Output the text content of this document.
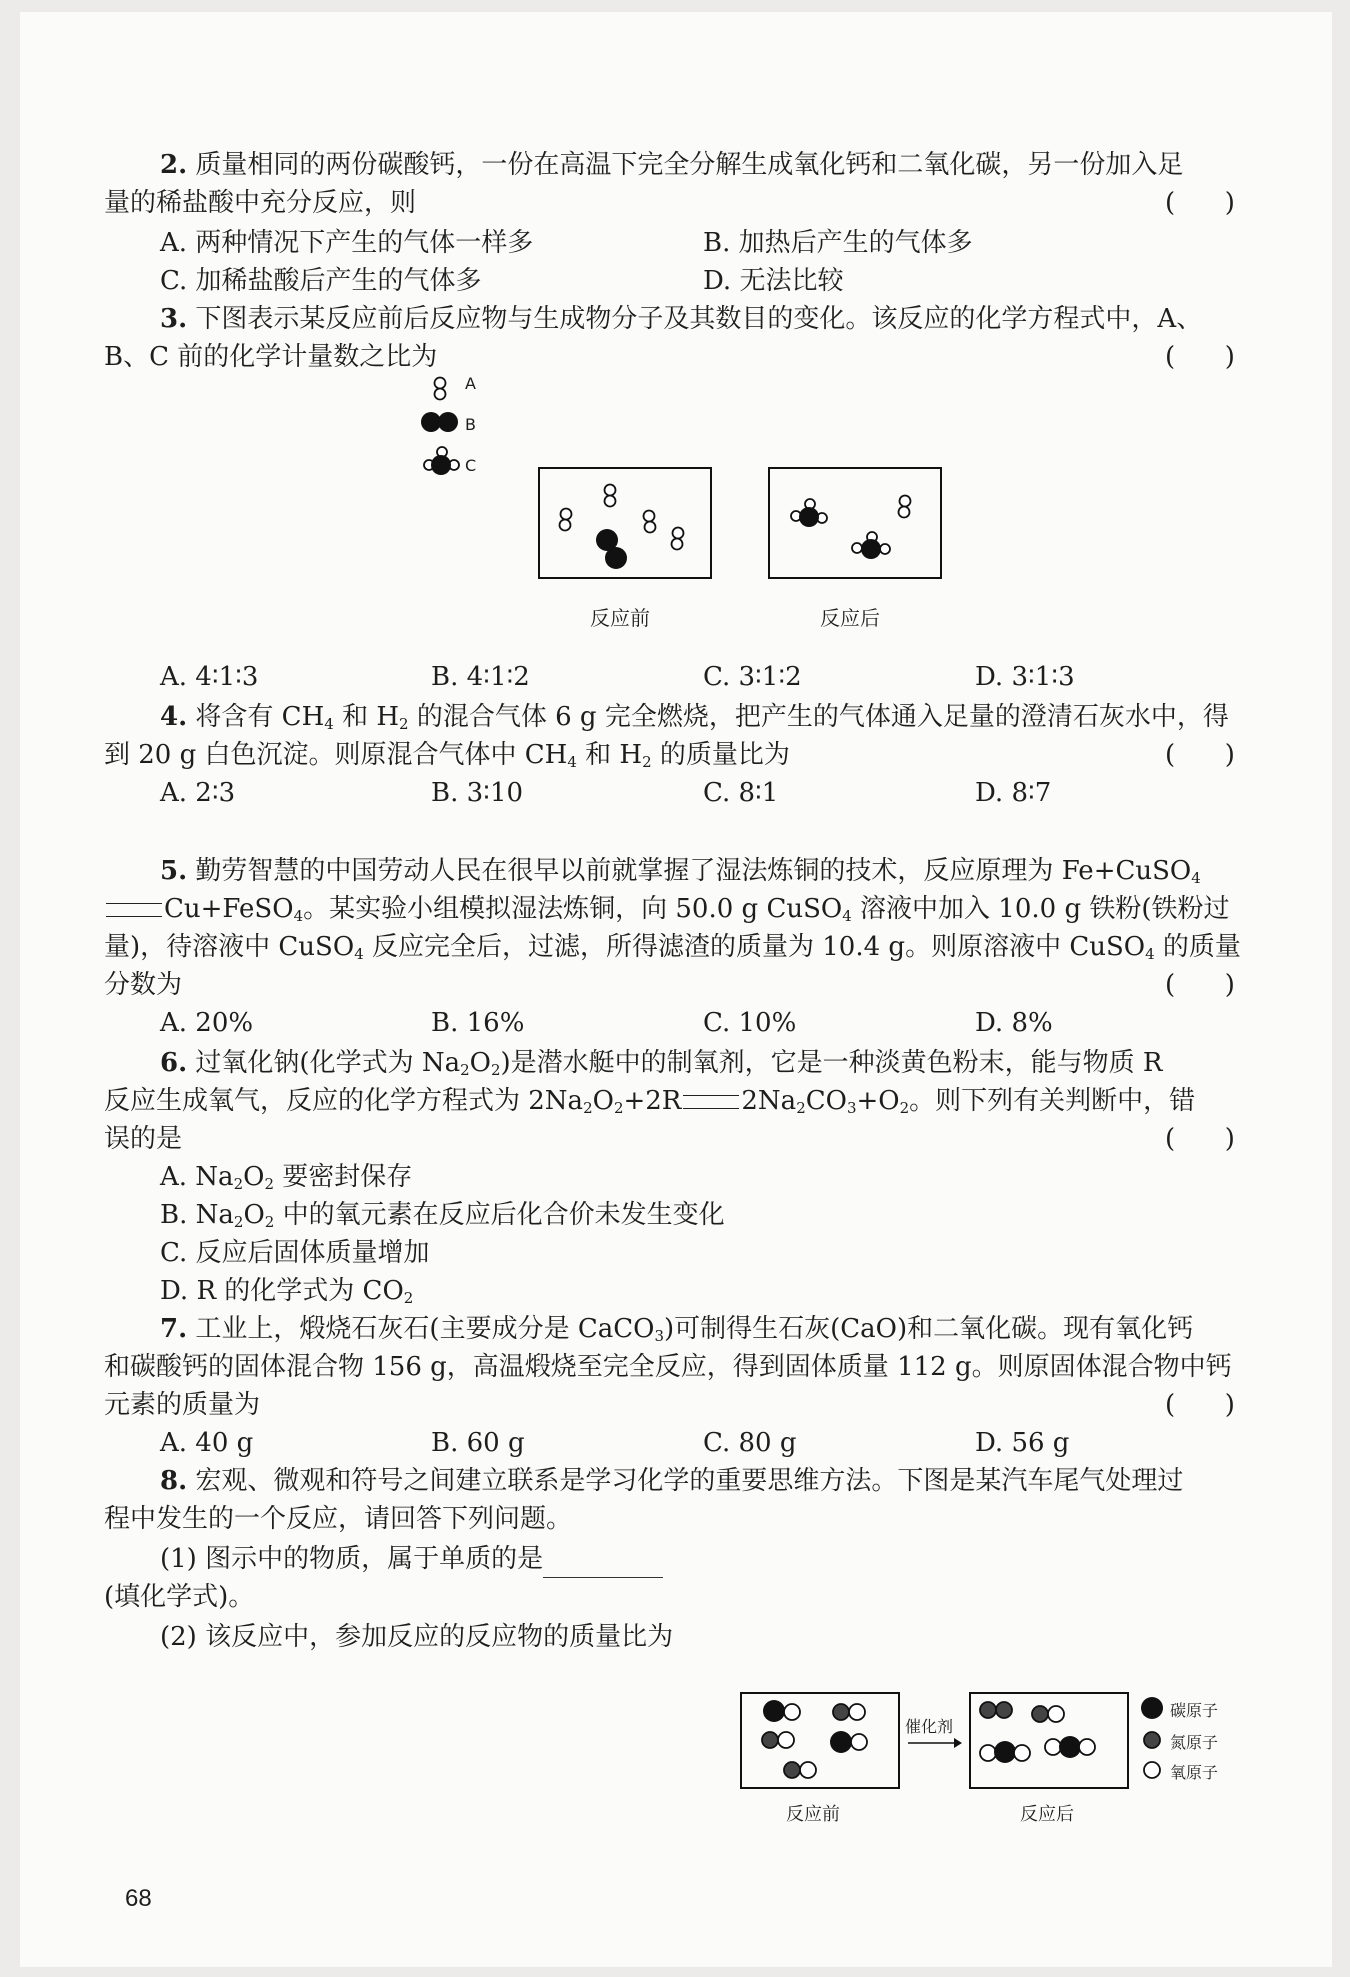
2. 质量相同的两份碳酸钙，一份在高温下完全分解生成氧化钙和二氧化碳，另一份加入足
量的稀盐酸中充分反应，则	(      )
A. 两种情况下产生的气体一样多	B. 加热后产生的气体多
C. 加稀盐酸后产生的气体多	D. 无法比较
3. 下图表示某反应前后反应物与生成物分子及其数目的变化。该反应的化学方程式中，A、
B、C 前的化学计量数之比为	(      )
A
B
C
反应前	反应后
A. 4∶1∶3	B. 4∶1∶2	C. 3∶1∶2	D. 3∶1∶3
4. 将含有 $CH_4$ 和 $H_2$ 的混合气体 6 g 完全燃烧，把产生的气体通入足量的澄清石灰水中，得
到 20 g 白色沉淀。则原混合气体中 $CH_4$ 和 $H_2$ 的质量比为	(      )
A. 2∶3	B. 3∶10	C. 8∶1	D. 8∶7
5. 勤劳智慧的中国劳动人民在很早以前就掌握了湿法炼铜的技术，反应原理为 Fe+CuSO$_4$
Cu+FeSO$_4$。某实验小组模拟湿法炼铜，向 50.0 g CuSO$_4$ 溶液中加入 10.0 g 铁粉(铁粉过
量)，待溶液中 CuSO$_4$ 反应完全后，过滤，所得滤渣的质量为 10.4 g。则原溶液中 CuSO$_4$ 的质量
分数为	(      )
A. 20%	B. 16%	C. 10%	D. 8%
6. 过氧化钠(化学式为 $Na_2O_2$)是潜水艇中的制氧剂，它是一种淡黄色粉末，能与物质 R
反应生成氧气，反应的化学方程式为 $2Na_2O_2+2R$ $2Na_2CO_3+O_2$。则下列有关判断中，错
误的是	(      )
A. $Na_2O_2$ 要密封保存
B. $Na_2O_2$ 中的氧元素在反应后化合价未发生变化
C. 反应后固体质量增加
D. R 的化学式为 $CO_2$
7. 工业上，煅烧石灰石(主要成分是 CaCO$_3$)可制得生石灰(CaO)和二氧化碳。现有氧化钙
和碳酸钙的固体混合物 156 g，高温煅烧至完全反应，得到固体质量 112 g。则原固体混合物中钙
元素的质量为	(      )
A. 40 g	B. 60 g	C. 80 g	D. 56 g
8. 宏观、微观和符号之间建立联系是学习化学的重要思维方法。下图是某汽车尾气处理过
程中发生的一个反应，请回答下列问题。
(1) 图示中的物质，属于单质的是
(填化学式)。
(2) 该反应中，参加反应的反应物的质量比为
催化剂
反应前	反应后
碳原子
氮原子
氧原子
68
